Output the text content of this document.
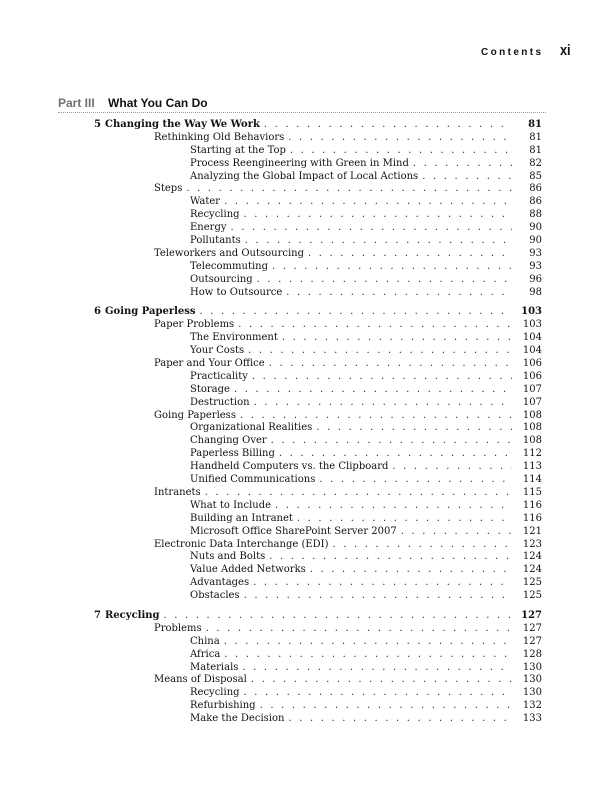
Contents xi
Part III What You Can Do
5 Changing the Way We Work . . .	81
Rethinking Old Behaviors . . .	81
Starting at the Top . . .	81
Process Reengineering with Green in Mind . . .	82
Analyzing the Global Impact of Local Actions . . .	85
Steps . . .	86
Water . . .	86
Recycling . . .	88
Energy . . .	90
Pollutants . . .	90
Teleworkers and Outsourcing . . .	93
Telecommuting . . .	93
Outsourcing . . .	96
How to Outsource . . .	98
6 Going Paperless . . .	103
Paper Problems . . .	103
The Environment . . .	104
Your Costs . . .	104
Paper and Your Office . . .	106
Practicality . . .	106
Storage . . .	107
Destruction . . .	107
Going Paperless . . .	108
Organizational Realities . . .	108
Changing Over . . .	108
Paperless Billing . . .	112
Handheld Computers vs. the Clipboard . . .	113
Unified Communications . . .	114
Intranets . . .	115
What to Include . . .	116
Building an Intranet . . .	116
Microsoft Office SharePoint Server 2007 . . .	121
Electronic Data Interchange (EDI) . . .	123
Nuts and Bolts . . .	124
Value Added Networks . . .	124
Advantages . . .	125
Obstacles . . .	125
7 Recycling . . .	127
Problems . . .	127
China . . .	127
Africa . . .	128
Materials . . .	130
Means of Disposal . . .	130
Recycling . . .	130
Refurbishing . . .	132
Make the Decision . . .	133
